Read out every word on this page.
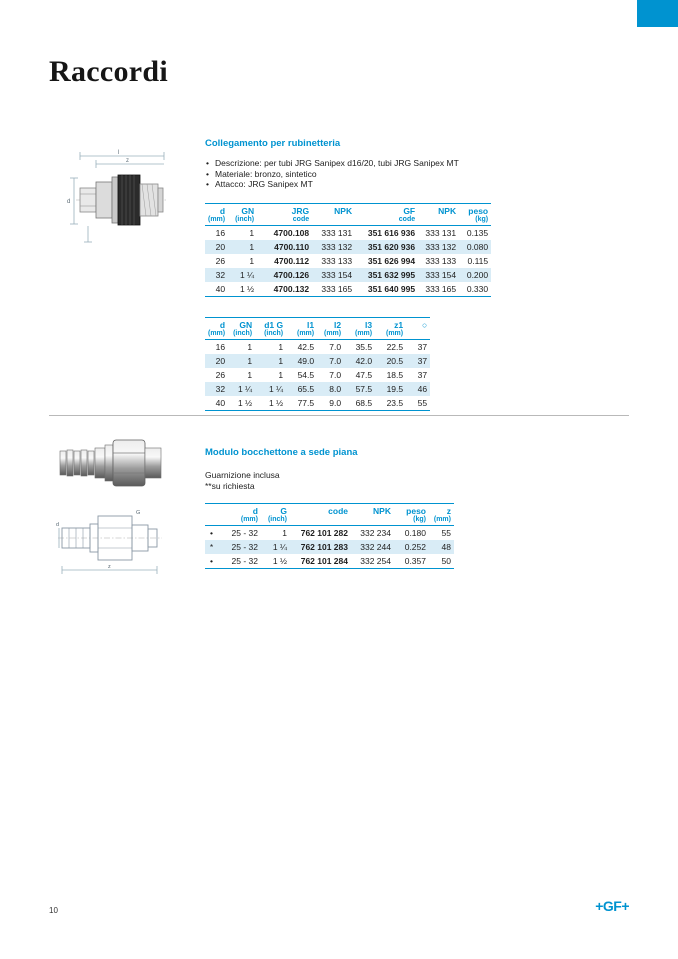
Raccordi
l
z
d
Collegamento per rubinetteria
• Descrizione: per tubi JRG Sanipex d16/20, tubi JRG Sanipex MT
• Materiale: bronzo, sintetico
• Attacco: JRG Sanipex MT
d	GN	JRG	NPK	GF	NPK	peso
(mm)	(inch)	code		code		(kg)
16	1	4700.108	333 131	351 616 936	333 131	0.135
20	1	4700.110	333 132	351 620 936	333 132	0.080
26	1	4700.112	333 133	351 626 994	333 133	0.115
32	1 ¼	4700.126	333 154	351 632 995	333 154	0.200
40	1 ½	4700.132	333 165	351 640 995	333 165	0.330
d	GN	d1 G	l1	l2	l3	z1	○
(mm)	(inch)	(inch)	(mm)	(mm)	(mm)	(mm)	
16	1	1	42.5	7.0	35.5	22.5	37
20	1	1	49.0	7.0	42.0	20.5	37
26	1	1	54.5	7.0	47.5	18.5	37
32	1 ¼	1 ¼	65.5	8.0	57.5	19.5	46
40	1 ½	1 ½	77.5	9.0	68.5	23.5	55
d
G
z
Modulo bocchettone a sede piana

Guarnizione inclusa

**su richiesta

	d	G	code	NPK	peso	z
	(mm)	(inch)			(kg)	(mm)
•	25 - 32	1	762 101 282	332 234	0.180	55
*	25 - 32	1 ¼	762 101 283	332 244	0.252	48
•	25 - 32	1 ½	762 101 284	332 254	0.357	50
10	+GF+
